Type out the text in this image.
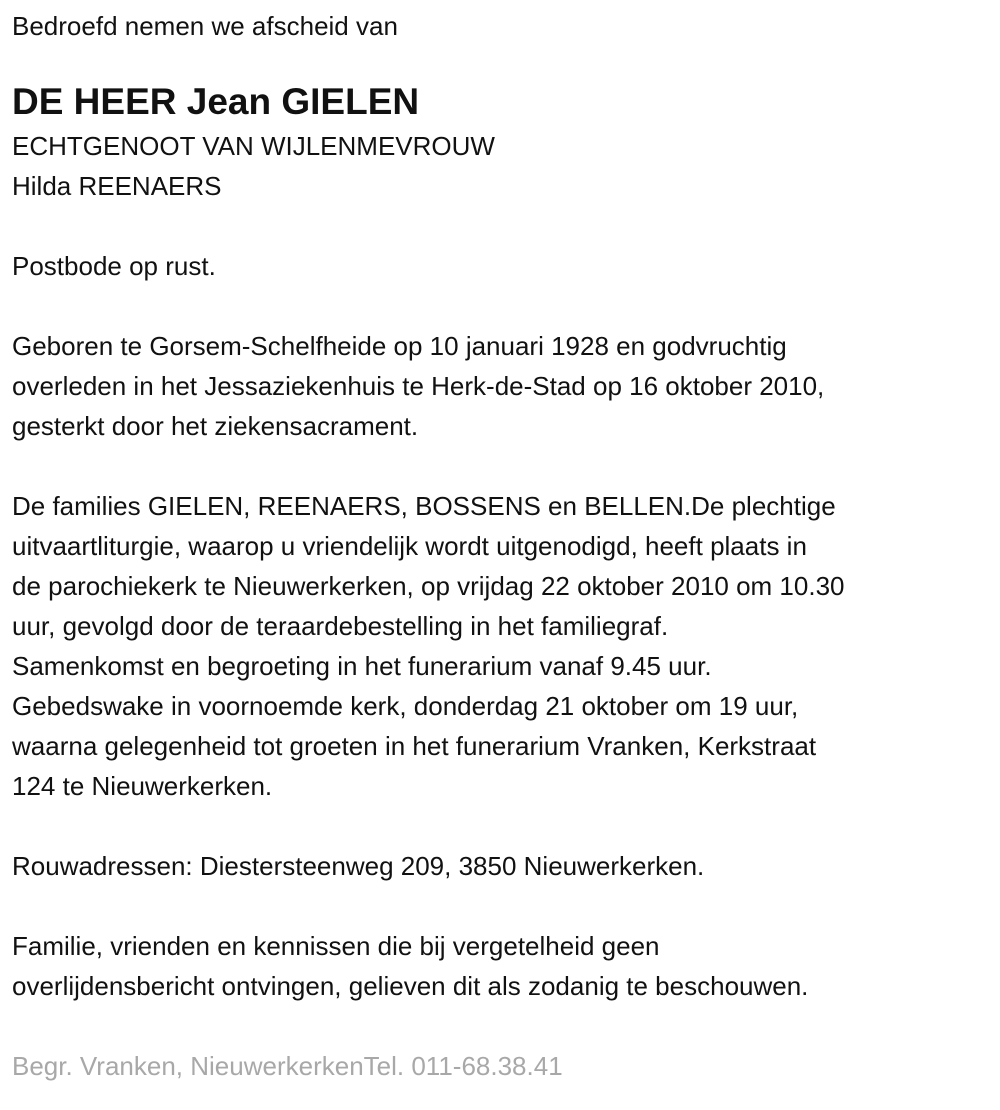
Bedroefd nemen we afscheid van
DE HEER Jean GIELEN
ECHTGENOOT VAN WIJLENMEVROUW
Hilda REENAERS
Postbode op rust.
Geboren te Gorsem-Schelfheide op 10 januari 1928 en godvruchtig
overleden in het Jessaziekenhuis te Herk-de-Stad op 16 oktober 2010,
gesterkt door het ziekensacrament.
De families GIELEN, REENAERS, BOSSENS en BELLEN.De plechtige
uitvaartliturgie, waarop u vriendelijk wordt uitgenodigd, heeft plaats in
de parochiekerk te Nieuwerkerken, op vrijdag 22 oktober 2010 om 10.30
uur, gevolgd door de teraardebestelling in het familiegraf.
Samenkomst en begroeting in het funerarium vanaf 9.45 uur.
Gebedswake in voornoemde kerk, donderdag 21 oktober om 19 uur,
waarna gelegenheid tot groeten in het funerarium Vranken, Kerkstraat
124 te Nieuwerkerken.
Rouwadressen: Diestersteenweg 209, 3850 Nieuwerkerken.
Familie, vrienden en kennissen die bij vergetelheid geen
overlijdensbericht ontvingen, gelieven dit als zodanig te beschouwen.
Begr. Vranken, NieuwerkerkenTel. 011-68.38.41
